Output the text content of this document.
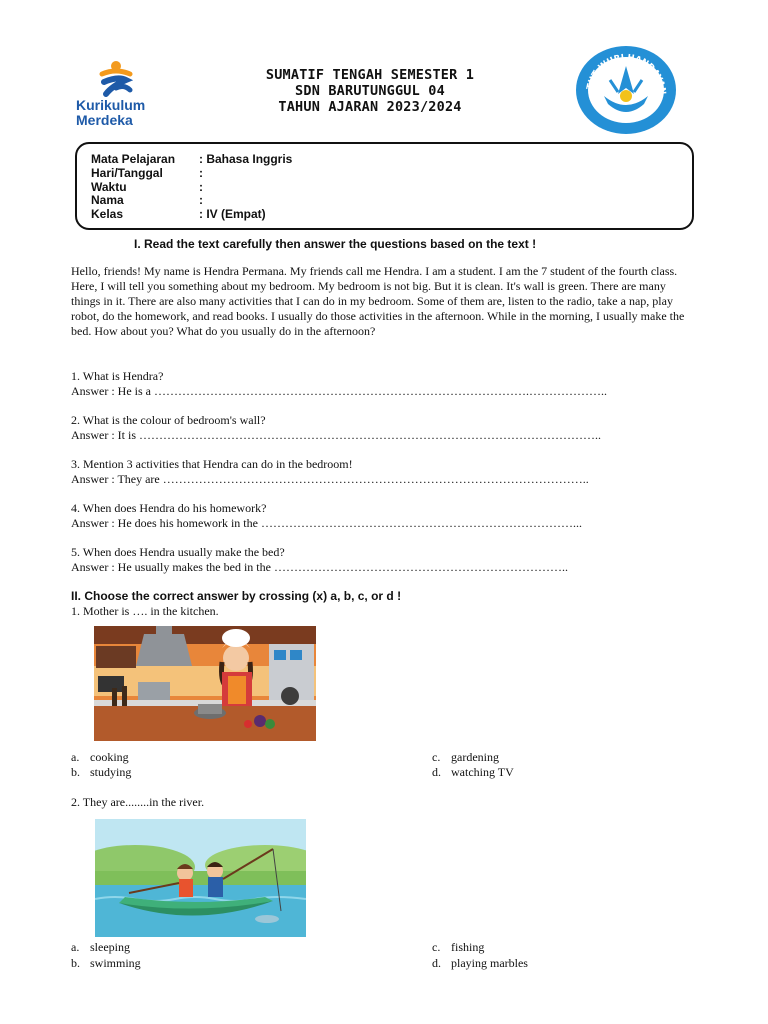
Kurikulum
Merdeka
SUMATIF TENGAH SEMESTER 1
SDN BARUTUNGGUL 04
TAHUN AJARAN 2023/2024
TUT WURI HANDAYAN
Mata Pelajaran : Bahasa Inggris
Hari/Tanggal	:
Waktu	:
Nama	:
Kelas	: IV (Empat)
I. Read the text carefully then answer the questions based on the text !
Hello, friends! My name is Hendra Permana. My friends call me Hendra. I am a student. I am the 7 student of the fourth class. Here, I will tell you something about my bedroom. My bedroom is not big. But it is clean. It's wall is green. There are many things in it. There are also many activities that I can do in my bedroom. Some of them are, listen to the radio, take a nap, play robot, do the homework, and read books. I usually do those activities in the afternoon. While in the morning, I usually make the bed. How about you? What do you usually do in the afternoon?
1. What is Hendra?
Answer : He is a ………………………………………………………………………………….………………..
2. What is the colour of bedroom's wall?
Answer : It is ……………………………………………………………………………………………………..
3. Mention 3 activities that Hendra can do in the bedroom!
Answer : They are ……………………………………………………………………………………………..
4. When does Hendra do his homework?
Answer : He does his homework in the ……………………………………………………………………...
5. When does Hendra usually make the bed?
Answer : He usually makes the bed in the ………………………………………………………………..
II. Choose the correct answer by crossing (x) a, b, c, or d !
1. Mother is …. in the kitchen.
a. cooking
b. studying
c. gardening
d. watching TV
2. They are........in the river.
a. sleeping
b. swimming
c. fishing
d. playing marbles
